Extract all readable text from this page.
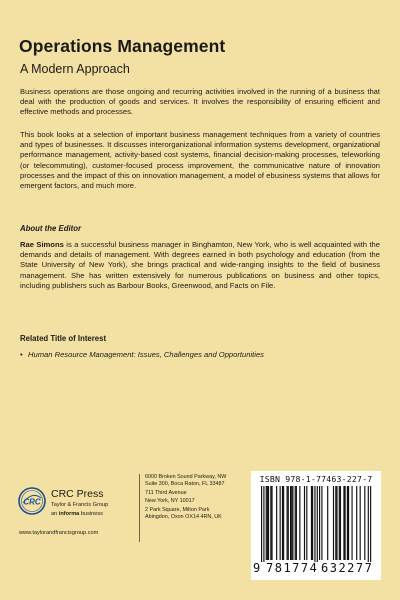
Operations Management
A Modern Approach
Business operations are those ongoing and recurring activities involved in the running of a business that deal with the production of goods and services. It involves the responsibility of ensuring efficient and effective methods and processes.
This book looks at a selection of important business management techniques from a variety of countries and types of businesses. It discusses interorganizational information systems development, organizational performance management, activity-based cost systems, financial decision-making processes, teleworking (or telecommuting), customer-focused process improvement, the communicative nature of innovation processes and the impact of this on innovation management, a model of ebusiness systems that allows for emergent factors, and much more.
About the Editor
Rae Simons is a successful business manager in Binghamton, New York, who is well acquainted with the demands and details of management. With degrees earned in both psychology and education (from the State University of New York), she brings practical and wide-ranging insights to the field of business management. She has written extensively for numerous publications on business and other topics, including publishers such as Barbour Books, Greenwood, and Facts on File.
Related Title of Interest
• Human Resource Management: Issues, Challenges and Opportunities
CRC
CRC Press
Taylor & Francis Group
an informa business
www.taylorandfrancisgroup.com
6000 Broken Sound Parkway, NW
Suite 300, Boca Raton, FL 33487
711 Third Avenue
New York, NY 10017
2 Park Square, Milton Park
Abingdon, Oxon OX14 4RN, UK
ISBN 978-1-77463-227-7
9 781774 632277
